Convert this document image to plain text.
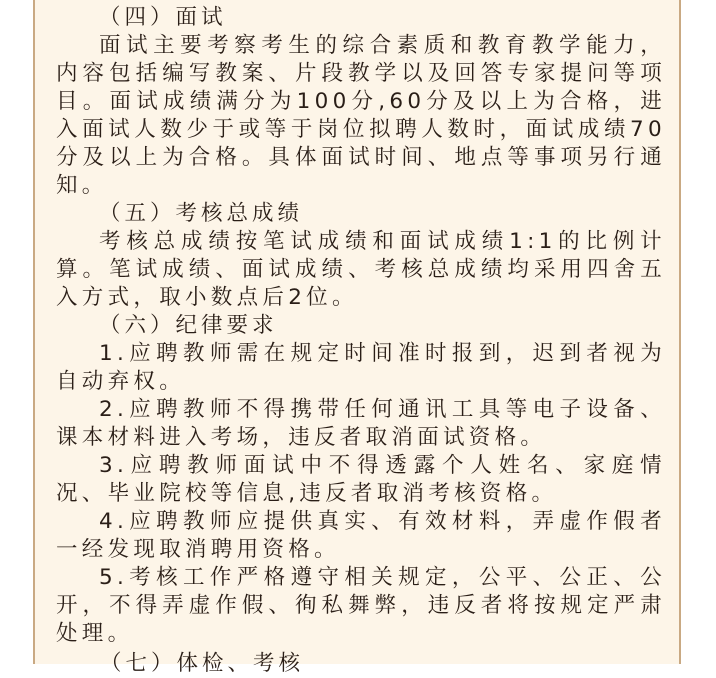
（四）面试

面试主要考察考生的综合素质和教育教学能力，内容包括编写教案、片段教学以及回答专家提问等项目。面试成绩满分为100分,60分及以上为合格，进入面试人数少于或等于岗位拟聘人数时，面试成绩70分及以上为合格。具体面试时间、地点等事项另行通知。

（五）考核总成绩

考核总成绩按笔试成绩和面试成绩1:1的比例计算。笔试成绩、面试成绩、考核总成绩均采用四舍五入方式，取小数点后2位。

（六）纪律要求

1.应聘教师需在规定时间准时报到，迟到者视为自动弃权。

2.应聘教师不得携带任何通讯工具等电子设备、课本材料进入考场，违反者取消面试资格。

3.应聘教师面试中不得透露个人姓名、家庭情况、毕业院校等信息,违反者取消考核资格。

4.应聘教师应提供真实、有效材料，弄虚作假者一经发现取消聘用资格。

5.考核工作严格遵守相关规定，公平、公正、公开，不得弄虚作假、徇私舞弊，违反者将按规定严肃处理。

（七）体检、考核
